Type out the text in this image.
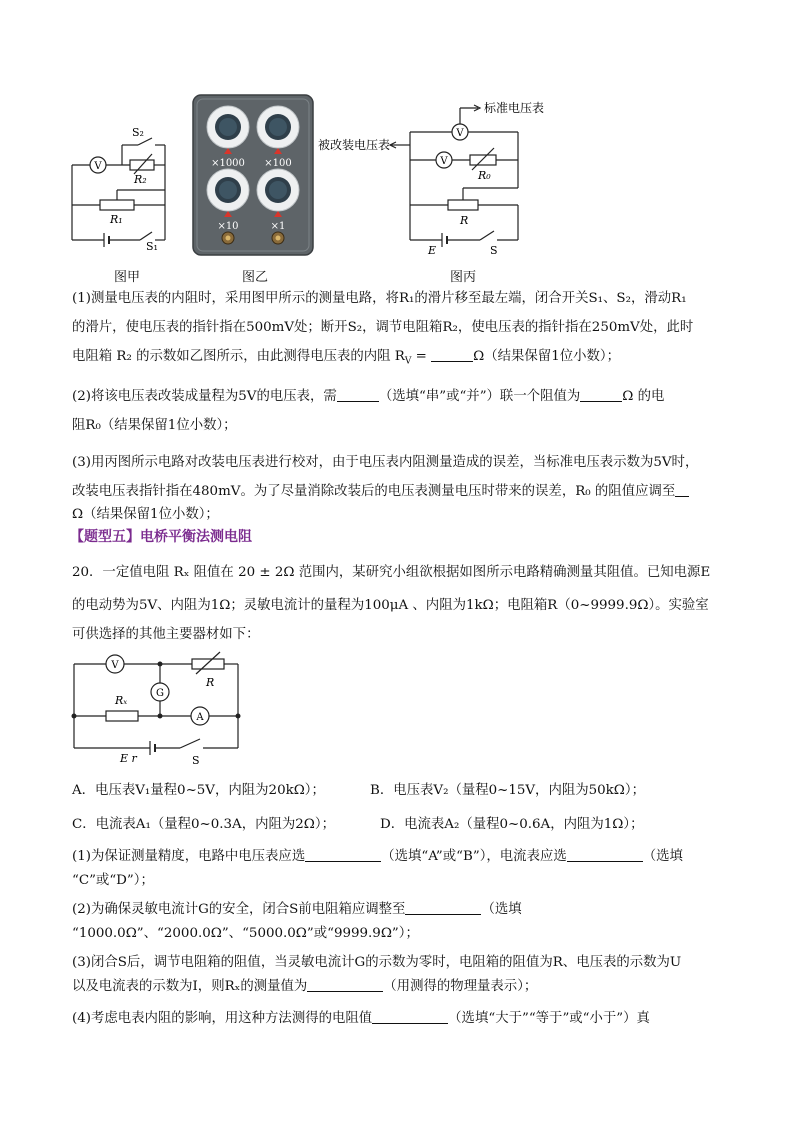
V
S₂
R₂
R₁
S₁
×1000 ×100
×10	×1
V
V
标准电压表
被改装电压表
R₀
R
E	S
图甲	图乙	图丙
(1)测量电压表的内阻时，采用图甲所示的测量电路，将R₁的滑片移至最左端，闭合开关S₁、S₂，滑动R₁
的滑片，使电压表的指针指在500mV处；断开S₂，调节电阻箱R₂，使电压表的指针指在250mV处，此时
电阻箱 R₂ 的示数如乙图所示，由此测得电压表的内阻 $R_V$ =	Ω（结果保留1位小数）；
(2)将该电压表改装成量程为5V的电压表，需	（选填“串”或“并”）联一个阻值为	Ω 的电
阻R₀（结果保留1位小数）；
(3)用丙图所示电路对改装电压表进行校对，由于电压表内阻测量造成的误差，当标准电压表示数为5V时，
改装电压表指针指在480mV。为了尽量消除改装后的电压表测量电压时带来的误差，R₀ 的阻值应调至
Ω（结果保留1位小数）；
【题型五】电桥平衡法测电阻
20．一定值电阻 Rₓ 阻值在 20 ± 2Ω 范围内，某研究小组欲根据如图所示电路精确测量其阻值。已知电源E
的电动势为5V、内阻为1Ω；灵敏电流计的量程为100μA 、内阻为1kΩ；电阻箱R（0~9999.9Ω）。实验室
可供选择的其他主要器材如下：
V
G
A
R
Rₓ
E r	S
A．电压表V₁量程0~5V，内阻为20kΩ）；	B．电压表V₂（量程0~15V，内阻为50kΩ）；
C．电流表A₁（量程0~0.3A，内阻为2Ω）；	D．电流表A₂（量程0~0.6A，内阻为1Ω）；
(1)为保证测量精度，电路中电压表应选	（选填“A”或“B”），电流表应选	（选填
“C”或“D”）；
(2)为确保灵敏电流计G的安全，闭合S前电阻箱应调整至	（选填
“1000.0Ω”、“2000.0Ω”、“5000.0Ω”或“9999.9Ω”）；
(3)闭合S后，调节电阻箱的阻值，当灵敏电流计G的示数为零时，电阻箱的阻值为R、电压表的示数为U
以及电流表的示数为I，则Rₓ的测量值为	（用测得的物理量表示）；
(4)考虑电表内阻的影响，用这种方法测得的电阻值	（选填“大于”“等于”或“小于”）真
